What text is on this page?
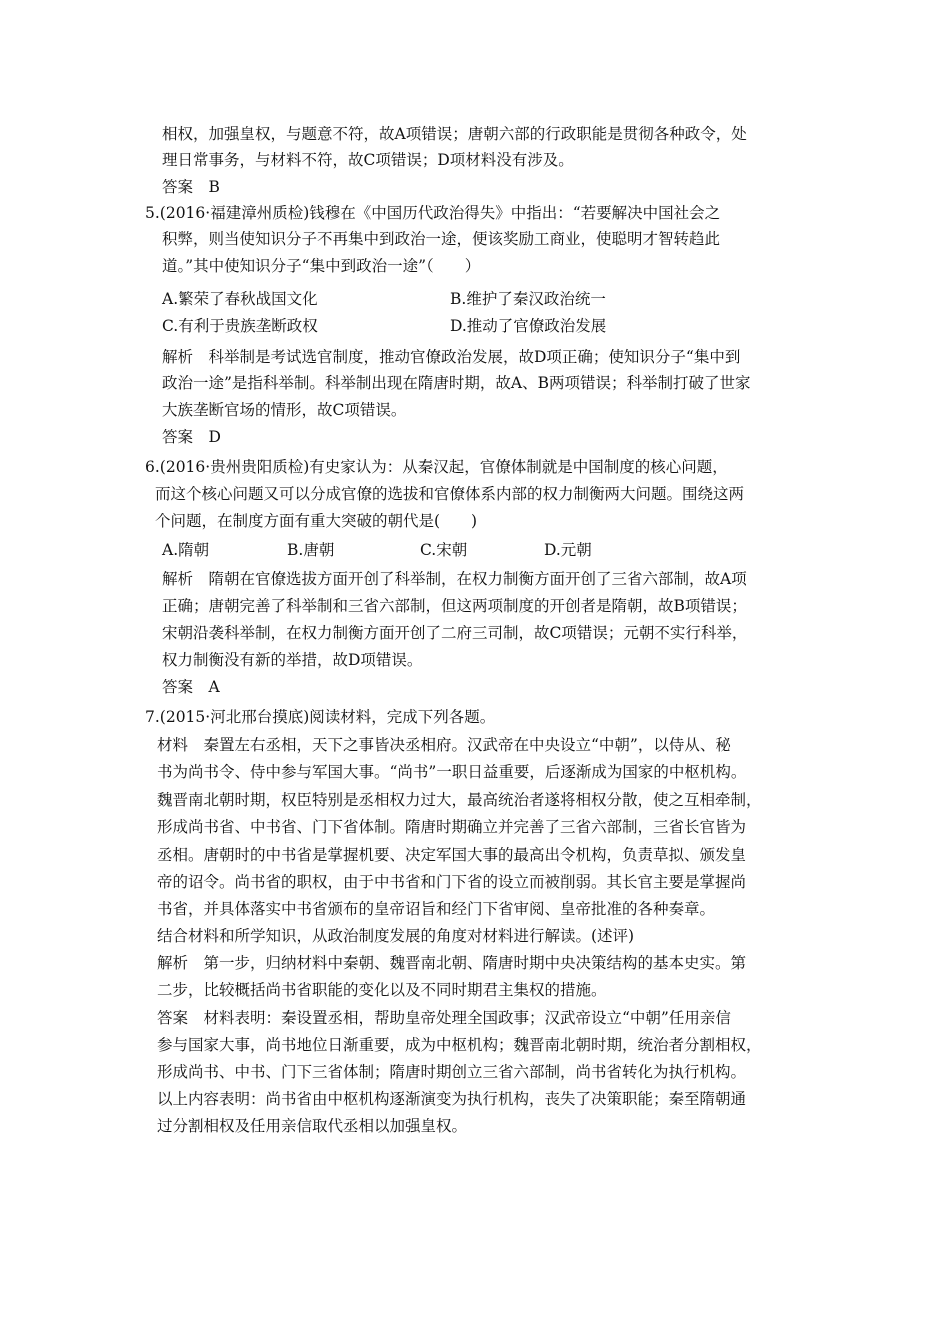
相权，加强皇权，与题意不符，故A项错误；唐朝六部的行政职能是贯彻各种政令，处
理日常事务，与材料不符，故C项错误；D项材料没有涉及。
答案　B
5.(2016·福建漳州质检)钱穆在《中国历代政治得失》中指出：“若要解决中国社会之
积弊，则当使知识分子不再集中到政治一途，便该奖励工商业，使聪明才智转趋此
道。”其中使知识分子“集中到政治一途”（　　）
A.繁荣了春秋战国文化	B.维护了秦汉政治统一
C.有利于贵族垄断政权	D.推动了官僚政治发展
解析　科举制是考试选官制度，推动官僚政治发展，故D项正确；使知识分子“集中到
政治一途”是指科举制。科举制出现在隋唐时期，故A、B两项错误；科举制打破了世家
大族垄断官场的情形，故C项错误。
答案　D
6.(2016·贵州贵阳质检)有史家认为：从秦汉起，官僚体制就是中国制度的核心问题，
而这个核心问题又可以分成官僚的选拔和官僚体系内部的权力制衡两大问题。围绕这两
个问题，在制度方面有重大突破的朝代是(　　)
A.隋朝	B.唐朝	C.宋朝	D.元朝
解析　隋朝在官僚选拔方面开创了科举制，在权力制衡方面开创了三省六部制，故A项
正确；唐朝完善了科举制和三省六部制，但这两项制度的开创者是隋朝，故B项错误；
宋朝沿袭科举制，在权力制衡方面开创了二府三司制，故C项错误；元朝不实行科举，
权力制衡没有新的举措，故D项错误。
答案　A
7.(2015·河北邢台摸底)阅读材料，完成下列各题。
材料　秦置左右丞相，天下之事皆决丞相府。汉武帝在中央设立“中朝”，以侍从、秘
书为尚书令、侍中参与军国大事。“尚书”一职日益重要，后逐渐成为国家的中枢机构。
魏晋南北朝时期，权臣特别是丞相权力过大，最高统治者遂将相权分散，使之互相牵制，
形成尚书省、中书省、门下省体制。隋唐时期确立并完善了三省六部制，三省长官皆为
丞相。唐朝时的中书省是掌握机要、决定军国大事的最高出令机构，负责草拟、颁发皇
帝的诏令。尚书省的职权，由于中书省和门下省的设立而被削弱。其长官主要是掌握尚
书省，并具体落实中书省颁布的皇帝诏旨和经门下省审阅、皇帝批准的各种奏章。
结合材料和所学知识，从政治制度发展的角度对材料进行解读。(述评)
解析　第一步，归纳材料中秦朝、魏晋南北朝、隋唐时期中央决策结构的基本史实。第
二步，比较概括尚书省职能的变化以及不同时期君主集权的措施。
答案　材料表明：秦设置丞相，帮助皇帝处理全国政事；汉武帝设立“中朝”任用亲信
参与国家大事，尚书地位日渐重要，成为中枢机构；魏晋南北朝时期，统治者分割相权，
形成尚书、中书、门下三省体制；隋唐时期创立三省六部制，尚书省转化为执行机构。
以上内容表明：尚书省由中枢机构逐渐演变为执行机构，丧失了决策职能；秦至隋朝通
过分割相权及任用亲信取代丞相以加强皇权。
